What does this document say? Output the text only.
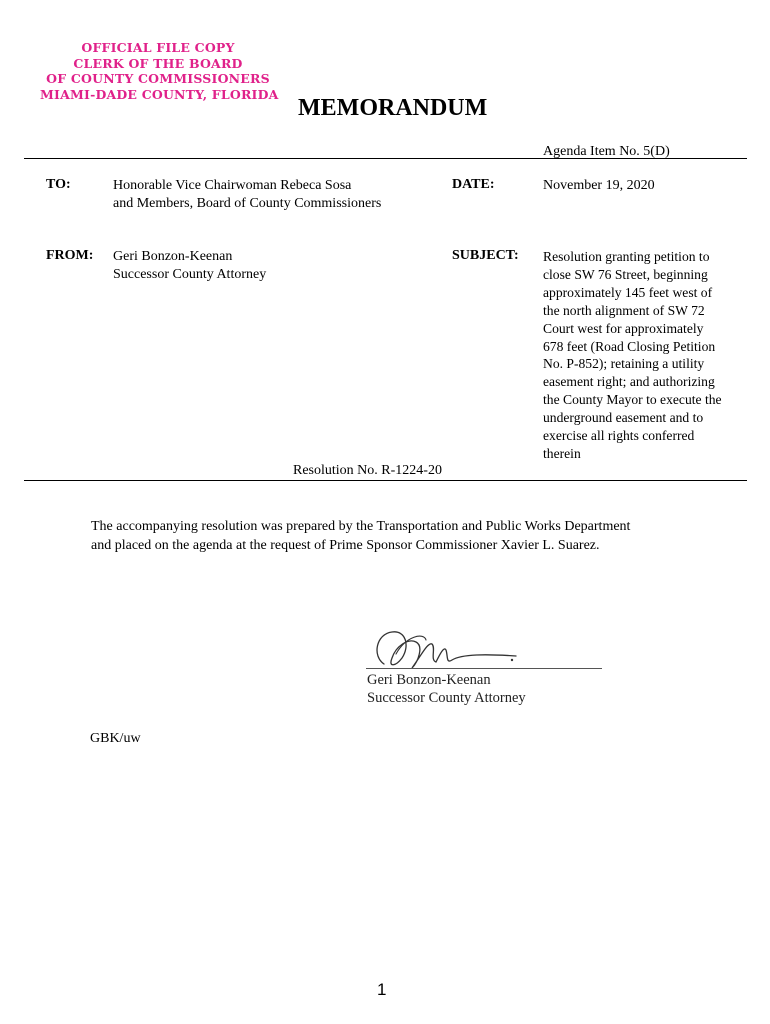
OFFICIAL FILE COPY
CLERK OF THE BOARD
OF COUNTY COMMISSIONERS
MIAMI-DADE COUNTY, FLORIDA
MEMORANDUM
Agenda Item No. 5(D)
TO:	Honorable Vice Chairwoman Rebeca Sosa
and Members, Board of County Commissioners
DATE:	November 19, 2020
FROM: Geri Bonzon-Keenan
Successor County Attorney
SUBJECT: Resolution granting petition to
close SW 76 Street, beginning
approximately 145 feet west of
the north alignment of SW 72
Court west for approximately
678 feet (Road Closing Petition
No. P-852); retaining a utility
easement right; and authorizing
the County Mayor to execute the
underground easement and to
exercise all rights conferred
therein
Resolution No. R-1224-20
The accompanying resolution was prepared by the Transportation and Public Works Department
and placed on the agenda at the request of Prime Sponsor Commissioner Xavier L. Suarez.
Geri Bonzon-Keenan
Successor County Attorney
GBK/uw
1
